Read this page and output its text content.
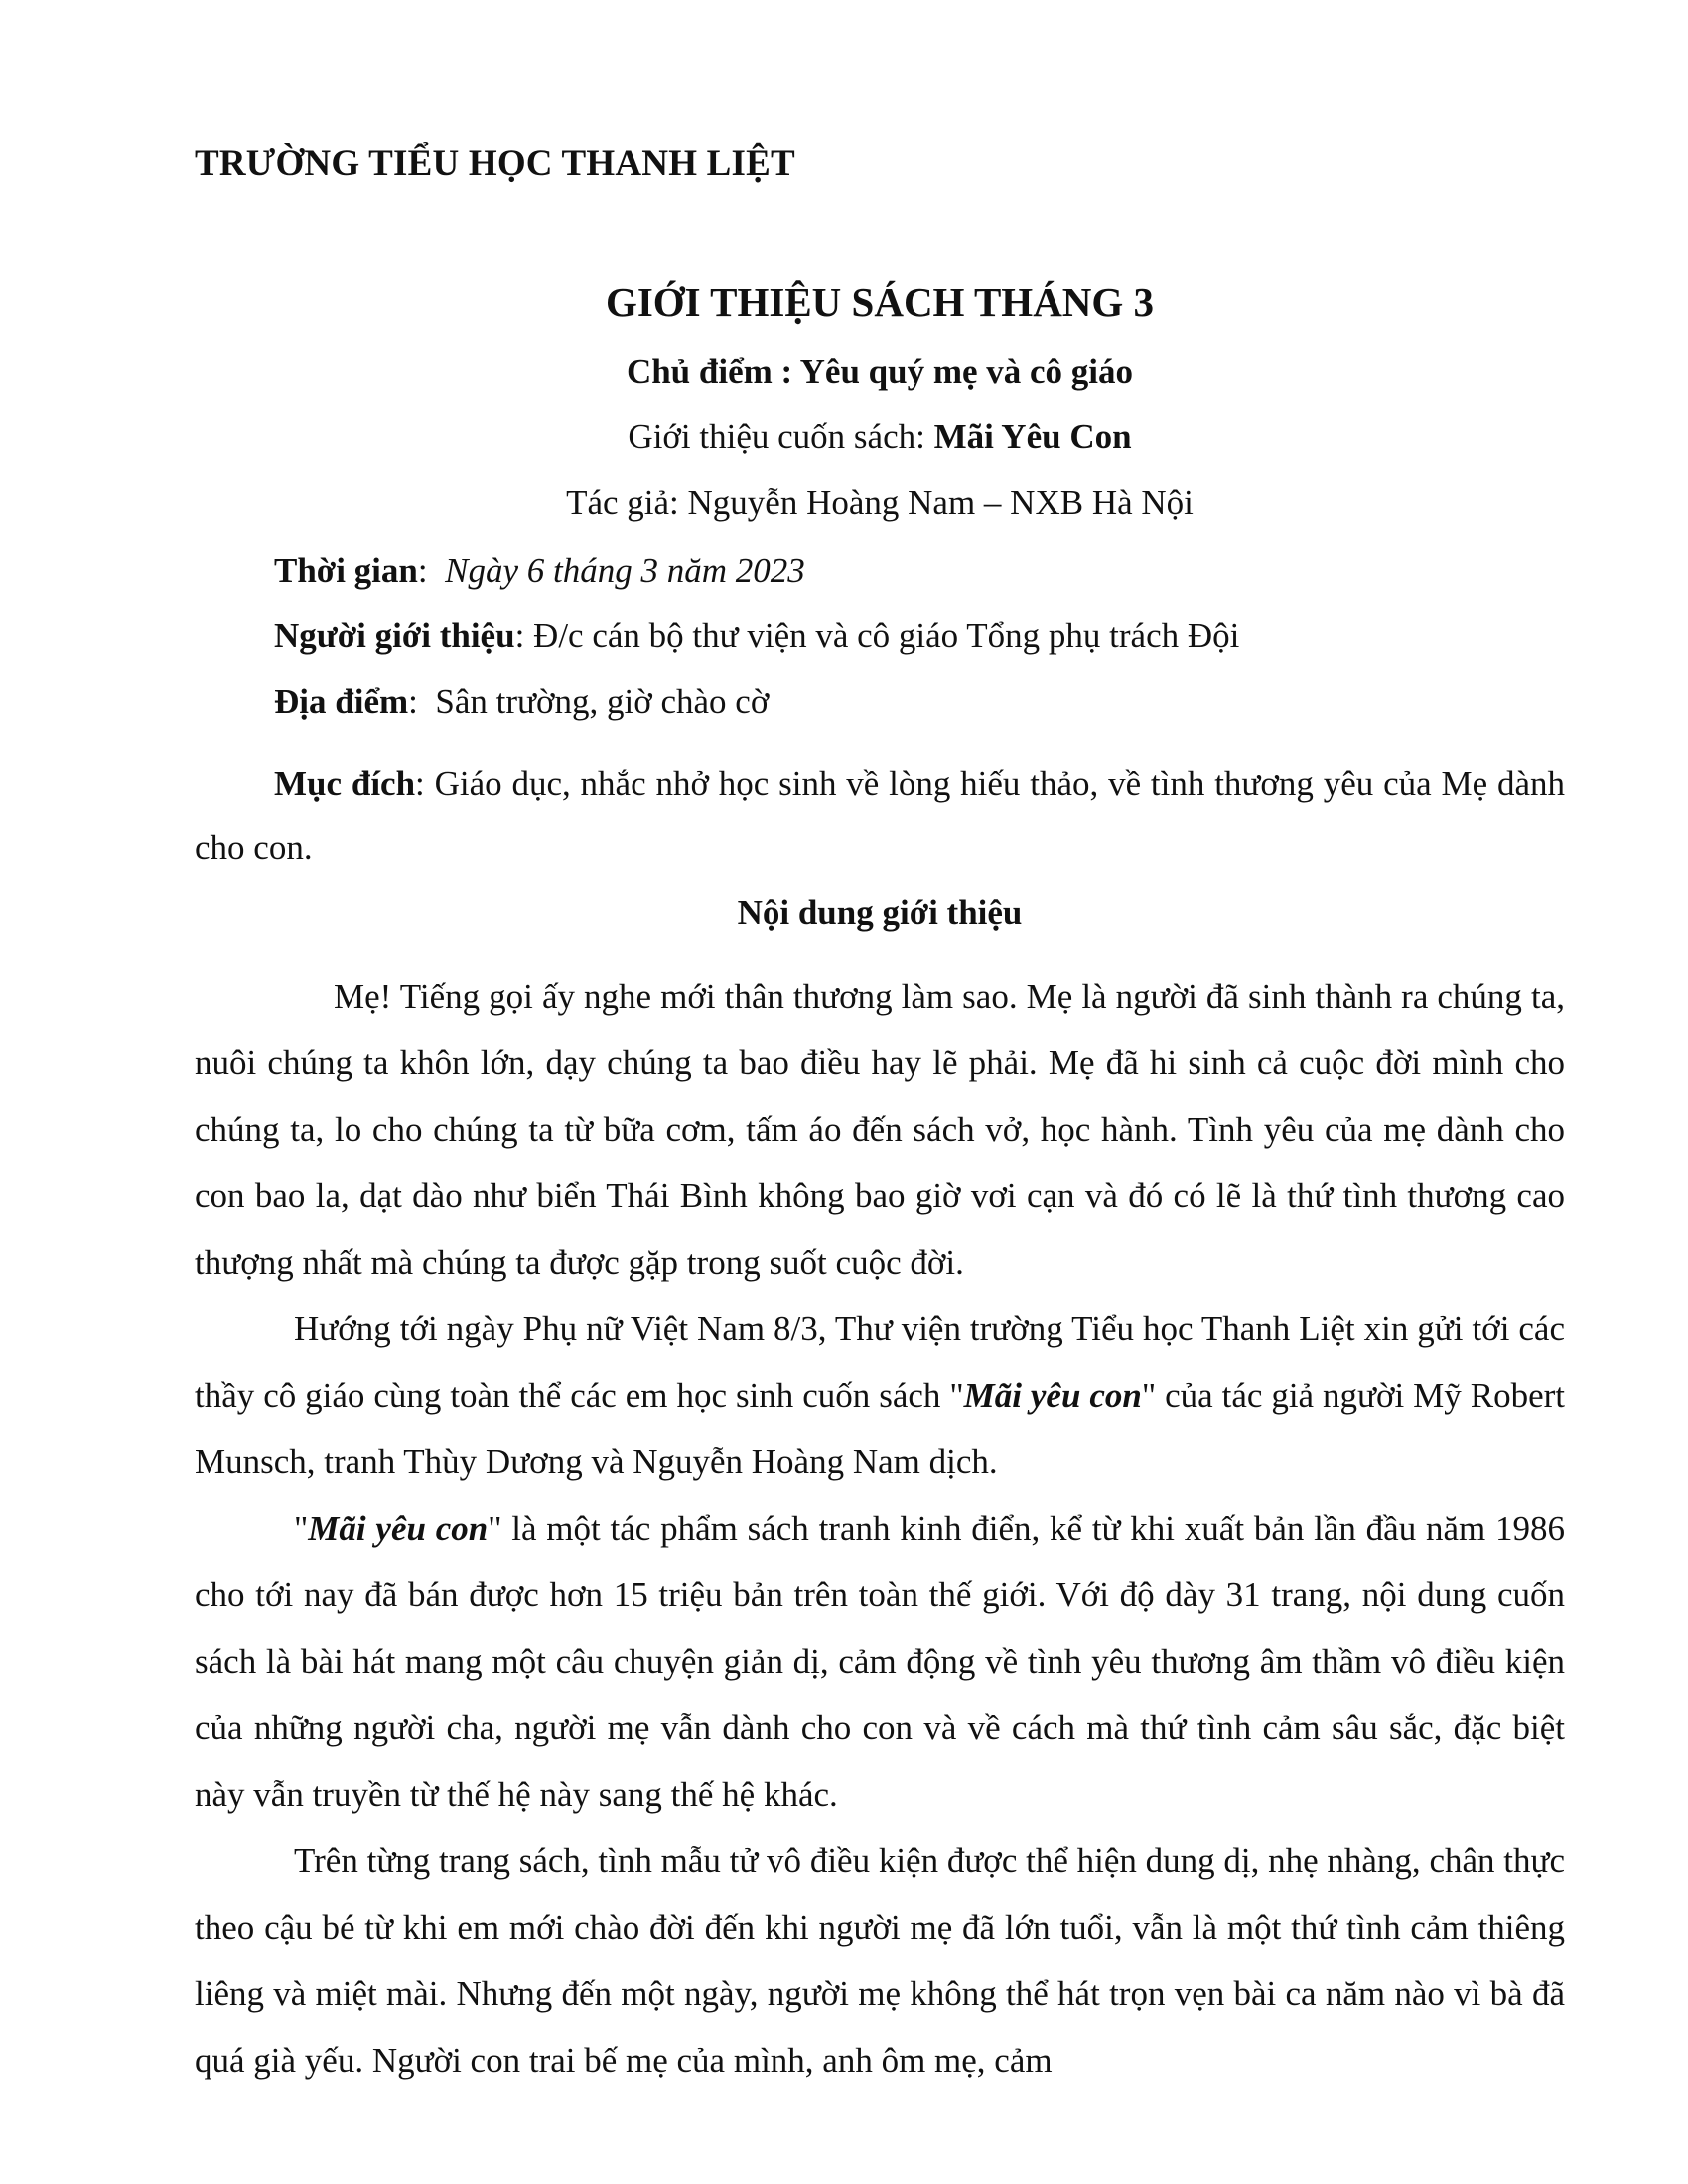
TRƯỜNG TIỂU HỌC THANH LIỆT
GIỚI THIỆU SÁCH THÁNG 3
Chủ điểm : Yêu quý mẹ và cô giáo
Giới thiệu cuốn sách: Mãi Yêu Con
Tác giả: Nguyễn Hoàng Nam – NXB Hà Nội
Thời gian:  Ngày 6 tháng 3 năm 2023
Người giới thiệu: Đ/c cán bộ thư viện và cô giáo Tổng phụ trách Đội
Địa điểm:  Sân trường, giờ chào cờ

Mục đích: Giáo dục, nhắc nhở học sinh về lòng hiếu thảo, về tình thương yêu của Mẹ dành cho con.

Nội dung giới thiệu

Mẹ! Tiếng gọi ấy nghe mới thân thương làm sao. Mẹ là người đã sinh thành ra chúng ta, nuôi chúng ta khôn lớn, dạy chúng ta bao điều hay lẽ phải. Mẹ đã hi sinh cả cuộc đời mình cho chúng ta, lo cho chúng ta từ bữa cơm, tấm áo đến sách vở, học hành. Tình yêu của mẹ dành cho con bao la, dạt dào như biển Thái Bình không bao giờ vơi cạn và đó có lẽ là thứ tình thương cao thượng nhất mà chúng ta được gặp trong suốt cuộc đời.

Hướng tới ngày Phụ nữ Việt Nam 8/3, Thư viện trường Tiểu học Thanh Liệt xin gửi tới các thầy cô giáo cùng toàn thể các em học sinh cuốn sách "Mãi yêu con" của tác giả người Mỹ Robert Munsch, tranh Thùy Dương và Nguyễn Hoàng Nam dịch.

"Mãi yêu con" là một tác phẩm sách tranh kinh điển, kể từ khi xuất bản lần đầu năm 1986 cho tới nay đã bán được hơn 15 triệu bản trên toàn thế giới. Với độ dày 31 trang, nội dung cuốn sách là bài hát mang một câu chuyện giản dị, cảm động về tình yêu thương âm thầm vô điều kiện của những người cha, người mẹ vẫn dành cho con và về cách mà thứ tình cảm sâu sắc, đặc biệt này vẫn truyền từ thế hệ này sang thế hệ khác.

Trên từng trang sách, tình mẫu tử vô điều kiện được thể hiện dung dị, nhẹ nhàng, chân thực theo cậu bé từ khi em mới chào đời đến khi người mẹ đã lớn tuổi, vẫn là một thứ tình cảm thiêng liêng và miệt mài. Nhưng đến một ngày, người mẹ không thể hát trọn vẹn bài ca năm nào vì bà đã quá già yếu. Người con trai bế mẹ của mình, anh ôm mẹ, cảm
